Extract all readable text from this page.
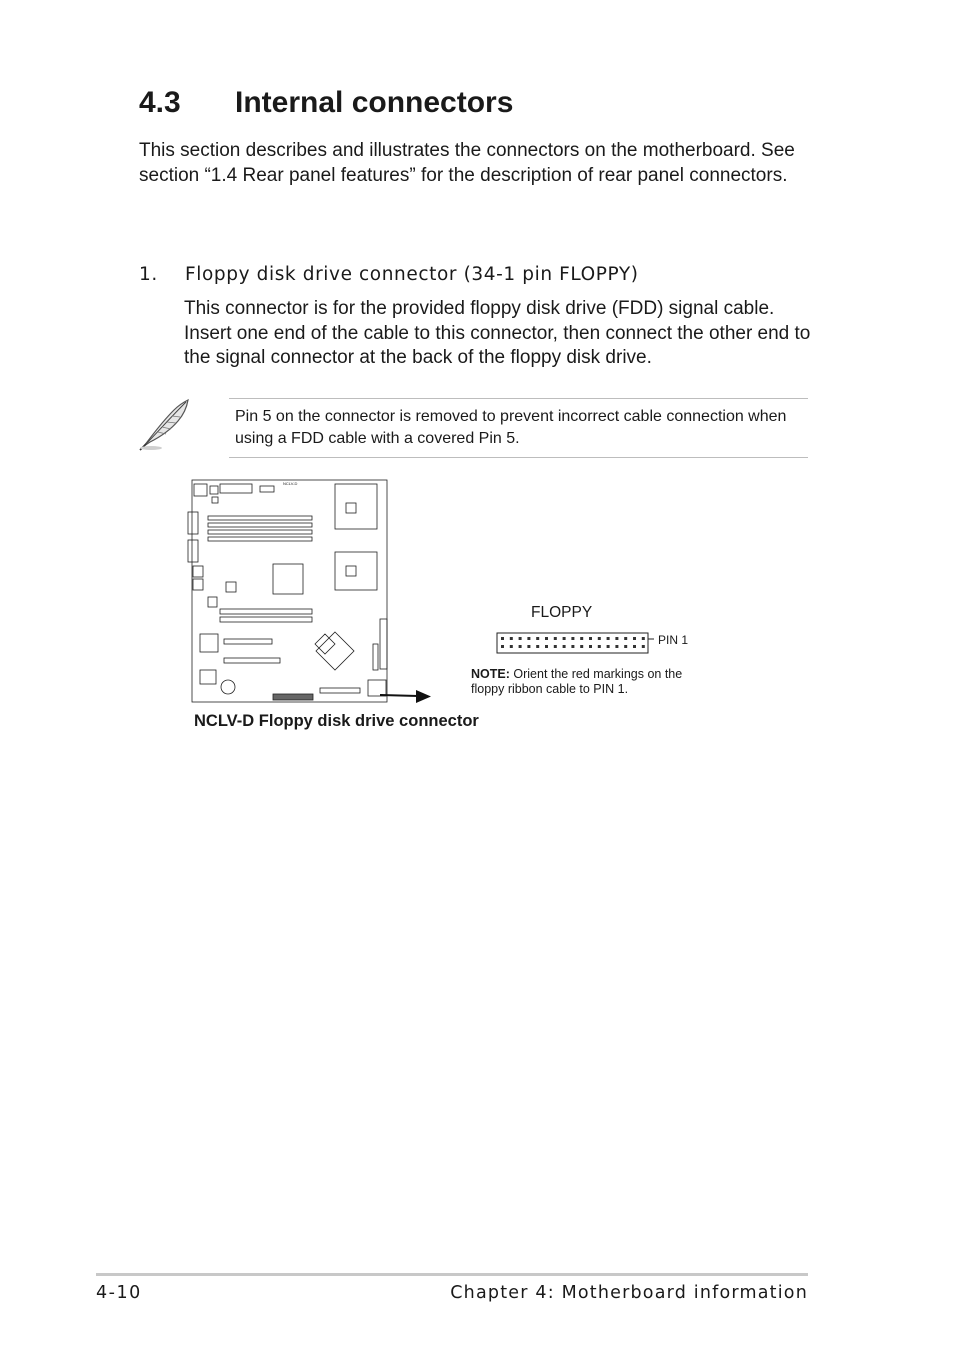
4.3 Internal connectors
This section describes and illustrates the connectors on the motherboard. See section “1.4 Rear panel features” for the description of rear panel connectors.
1. Floppy disk drive connector (34-1 pin FLOPPY)
This connector is for the provided floppy disk drive (FDD) signal cable. Insert one end of the cable to this connector, then connect the other end to the signal connector at the back of the floppy disk drive.
Pin 5 on the connector is removed to prevent incorrect cable connection when using a FDD cable with a covered Pin 5.
NCLV-D
FLOPPY
PIN 1
NOTE: Orient the red markings on the floppy ribbon cable to PIN 1.
NCLV-D Floppy disk drive connector
4-10	Chapter 4: Motherboard information
